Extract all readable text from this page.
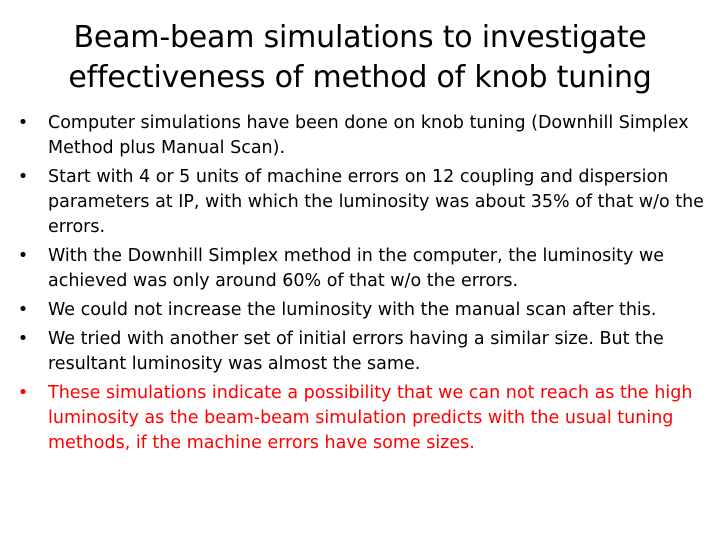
Beam-beam simulations to investigate
effectiveness of method of knob tuning
• Computer simulations have been done on knob tuning (Downhill Simplex Method plus Manual Scan).
• Start with 4 or 5 units of machine errors on 12 coupling and dispersion parameters at IP, with which the luminosity was about 35% of that w/o the errors.
• With the Downhill Simplex method in the computer, the luminosity we achieved was only around 60% of that w/o the errors.
• We could not increase the luminosity with the manual scan after this.
• We tried with another set of initial errors having a similar size. But the resultant luminosity was almost the same.
• These simulations indicate a possibility that we can not reach as the high luminosity as the beam-beam simulation predicts with the usual tuning methods, if the machine errors have some sizes.
